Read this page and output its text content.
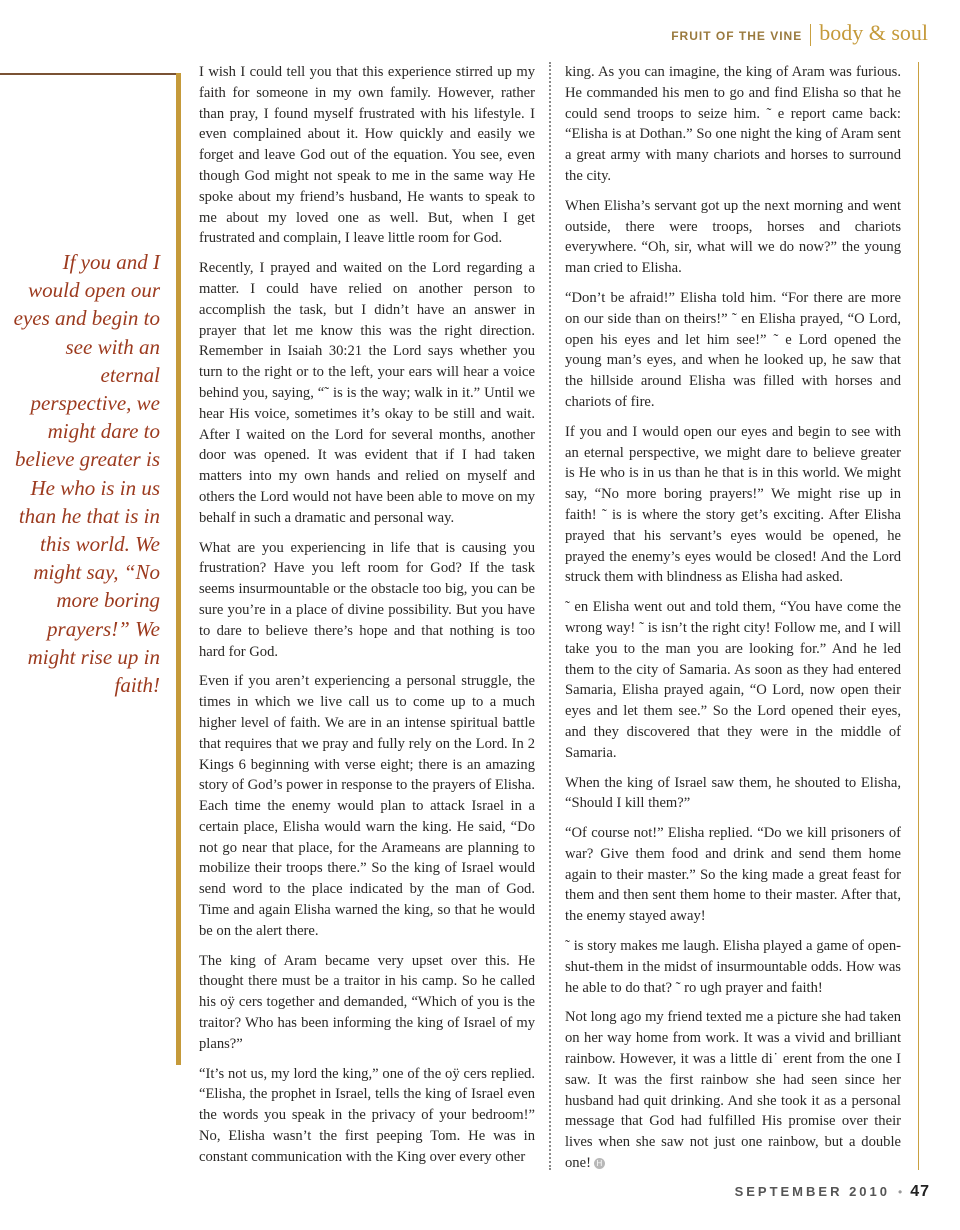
FRUIT OF THE VINE body & soul
If you and I would open our eyes and begin to see with an eternal perspective, we might dare to believe greater is He who is in us than he that is in this world. We might say, “No more boring prayers!” We might rise up in faith!

I wish I could tell you that this experience stirred up my faith for someone in my own family. However, rather than pray, I found myself frustrated with his lifestyle. I even complained about it. How quickly and easily we forget and leave God out of the equation. You see, even though God might not speak to me in the same way He spoke about my friend’s husband, He wants to speak to me about my loved one as well. But, when I get frustrated and complain, I leave little room for God.

Recently, I prayed and waited on the Lord regarding a matter. I could have relied on another person to accomplish the task, but I didn’t have an answer in prayer that let me know this was the right direction. Remember in Isaiah 30:21 the Lord says whether you turn to the right or to the left, your ears will hear a voice behind you, saying, “˜ is is the way; walk in it.” Until we hear His voice, sometimes it’s okay to be still and wait. After I waited on the Lord for several months, another door was opened. It was evident that if I had taken matters into my own hands and relied on myself and others the Lord would not have been able to move on my behalf in such a dramatic and personal way.

What are you experiencing in life that is causing you frustration? Have you left room for God? If the task seems insurmountable or the obstacle too big, you can be sure you’re in a place of divine possibility. But you have to dare to believe there’s hope and that nothing is too hard for God.

Even if you aren’t experiencing a personal struggle, the times in which we live call us to come up to a much higher level of faith. We are in an intense spiritual battle that requires that we pray and fully rely on the Lord. In 2 Kings 6 beginning with verse eight; there is an amazing story of God’s power in response to the prayers of Elisha. Each time the enemy would plan to attack Israel in a certain place, Elisha would warn the king. He said, “Do not go near that place, for the Arameans are planning to mobilize their troops there.” So the king of Israel would send word to the place indicated by the man of God. Time and again Elisha warned the king, so that he would be on the alert there.

The king of Aram became very upset over this. He thought there must be a traitor in his camp. So he called his oÿ cers together and demanded, “Which of you is the traitor? Who has been informing the king of Israel of my plans?”

“It’s not us, my lord the king,” one of the oÿ cers replied. “Elisha, the prophet in Israel, tells the king of Israel even the words you speak in the privacy of your bedroom!” No, Elisha wasn’t the first peeping Tom. He was in constant communication with the King over every other

king. As you can imagine, the king of Aram was furious. He commanded his men to go and find Elisha so that he could send troops to seize him. ˜ e report came back: “Elisha is at Dothan.” So one night the king of Aram sent a great army with many chariots and horses to surround the city.

When Elisha’s servant got up the next morning and went outside, there were troops, horses and chariots everywhere. “Oh, sir, what will we do now?” the young man cried to Elisha.

“Don’t be afraid!” Elisha told him. “For there are more on our side than on theirs!” ˜ en Elisha prayed, “O Lord, open his eyes and let him see!” ˜ e Lord opened the young man’s eyes, and when he looked up, he saw that the hillside around Elisha was filled with horses and chariots of fire.

If you and I would open our eyes and begin to see with an eternal perspective, we might dare to believe greater is He who is in us than he that is in this world. We might say, “No more boring prayers!” We might rise up in faith! ˜ is is where the story get’s exciting. After Elisha prayed that his servant’s eyes would be opened, he prayed the enemy’s eyes would be closed! And the Lord struck them with blindness as Elisha had asked.

˜ en Elisha went out and told them, “You have come the wrong way! ˜ is isn’t the right city! Follow me, and I will take you to the man you are looking for.” And he led them to the city of Samaria. As soon as they had entered Samaria, Elisha prayed again, “O Lord, now open their eyes and let them see.” So the Lord opened their eyes, and they discovered that they were in the middle of Samaria.

When the king of Israel saw them, he shouted to Elisha, “Should I kill them?”

“Of course not!” Elisha replied. “Do we kill prisoners of war? Give them food and drink and send them home again to their master.” So the king made a great feast for them and then sent them home to their master. After that, the enemy stayed away!

˜ is story makes me laugh. Elisha played a game of open-shut-them in the midst of insurmountable odds. How was he able to do that? ˜ ro ugh prayer and faith!

Not long ago my friend texted me a picture she had taken on her way home from work. It was a vivid and brilliant rainbow. However, it was a little di˙ erent from the one I saw. It was the first rainbow she had seen since her husband had quit drinking. And she took it as a personal message that God had fulfilled His promise over their lives when she saw not just one rainbow, but a double one! H

SEPTEMBER 2010 • 47
